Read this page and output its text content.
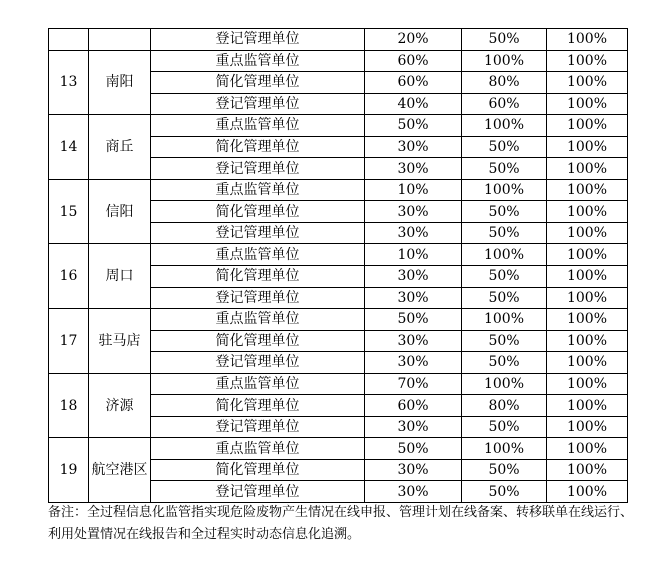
		登记管理单位	20%	50%	100%
13	南阳	重点监管单位	60%	100%	100%
		简化管理单位	60%	80%	100%
		登记管理单位	40%	60%	100%
14	商丘	重点监管单位	50%	100%	100%
		简化管理单位	30%	50%	100%
		登记管理单位	30%	50%	100%
15	信阳	重点监管单位	10%	100%	100%
		简化管理单位	30%	50%	100%
		登记管理单位	30%	50%	100%
16	周口	重点监管单位	10%	100%	100%
		简化管理单位	30%	50%	100%
		登记管理单位	30%	50%	100%
17	驻马店	重点监管单位	50%	100%	100%
		简化管理单位	30%	50%	100%
		登记管理单位	30%	50%	100%
18	济源	重点监管单位	70%	100%	100%
		简化管理单位	60%	80%	100%
		登记管理单位	30%	50%	100%
19	航空港区	重点监管单位	50%	100%	100%
		简化管理单位	30%	50%	100%
		登记管理单位	30%	50%	100%

备注：全过程信息化监管指实现危险废物产生情况在线申报、管理计划在线备案、转移联单在线运行、利用处置情况在线报告和全过程实时动态信息化追溯。
